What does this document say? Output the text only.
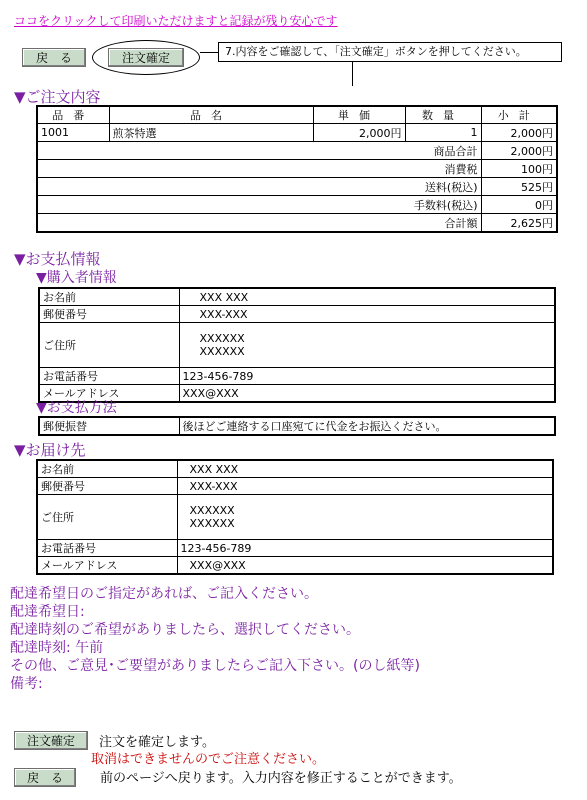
ココをクリックして印刷いただけますと記録が残り安心です
戻　る	注文確定	7.内容をご確認して、「注文確定」ボタンを押してください。
▼ご注文内容
品番	品名	単価	数量	小計
1001	煎茶特選	2,000円	1	2,000円
商品合計				2,000円
消費税				100円
送料(税込)				525円
手数料(税込)				0円
合計額				2,625円
▼お支払情報
▼購入者情報
お名前	XXX XXX
郵便番号	XXX-XXX
ご住所	XXXXXX
XXXXXX

お電話番号	123-456-789
メールアドレス	XXX@XXX
▼お支払方法
郵便振替	後ほどご連絡する口座宛てに代金をお振込ください。
▼お届け先
お名前	XXX XXX
郵便番号	XXX-XXX
ご住所	XXXXXX
XXXXXX

お電話番号	123-456-789
メールアドレス	XXX@XXX
配達希望日のご指定があれば、ご記入ください。
配達希望日:
配達時刻のご希望がありましたら、選択してください。
配達時刻: 午前
その他、ご意見･ご要望がありましたらご記入下さい。(のし紙等)
備考:
注文確定	注文を確定します。
取消はできませんのでご注意ください。
戻　る	前のページへ戻ります。入力内容を修正することができます。
